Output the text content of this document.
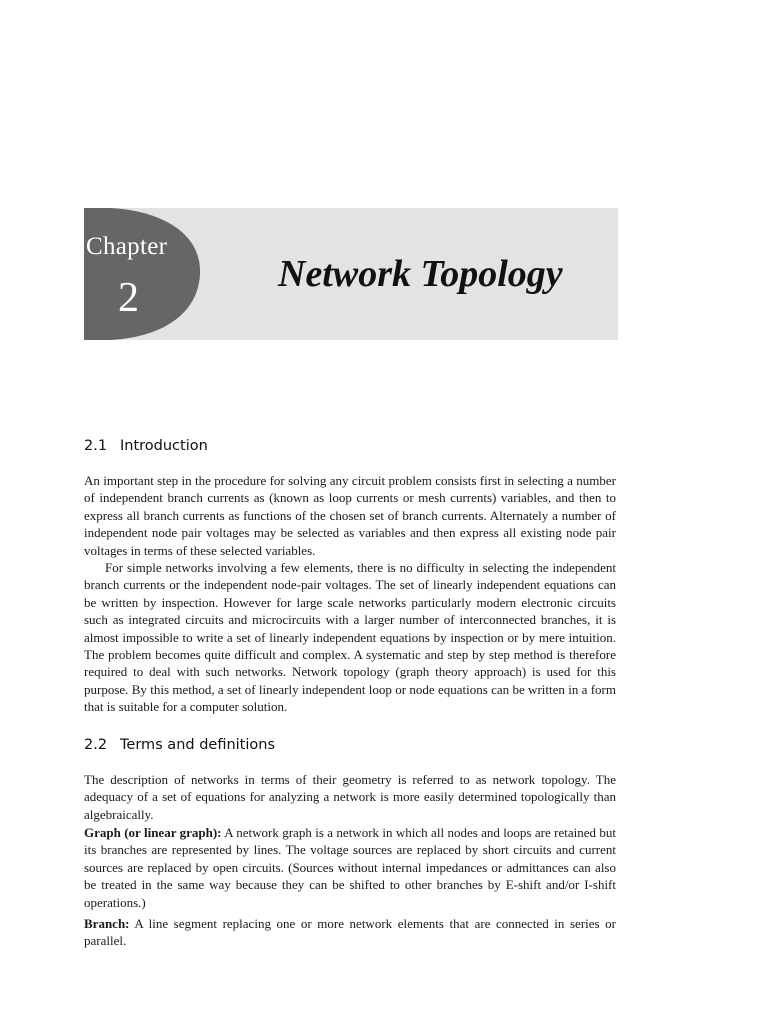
Chapter
2
Network Topology
2.1 Introduction

An important step in the procedure for solving any circuit problem consists first in selecting a number of independent branch currents as (known as loop currents or mesh currents) variables, and then to express all branch currents as functions of the chosen set of branch currents. Alternately a number of independent node pair voltages may be selected as variables and then express all existing node pair voltages in terms of these selected variables.

For simple networks involving a few elements, there is no difficulty in selecting the independent branch currents or the independent node-pair voltages. The set of linearly independent equations can be written by inspection. However for large scale networks particularly modern electronic circuits such as integrated circuits and microcircuits with a larger number of interconnected branches, it is almost impossible to write a set of linearly independent equations by inspection or by mere intuition. The problem becomes quite difficult and complex. A systematic and step by step method is therefore required to deal with such networks. Network topology (graph theory approach) is used for this purpose. By this method, a set of linearly independent loop or node equations can be written in a form that is suitable for a computer solution.

2.2 Terms and definitions

The description of networks in terms of their geometry is referred to as network topology. The adequacy of a set of equations for analyzing a network is more easily determined topologically than algebraically.

Graph (or linear graph): A network graph is a network in which all nodes and loops are retained but its branches are represented by lines. The voltage sources are replaced by short circuits and current sources are replaced by open circuits. (Sources without internal impedances or admittances can also be treated in the same way because they can be shifted to other branches by E-shift and/or I-shift operations.)

Branch: A line segment replacing one or more network elements that are connected in series or parallel.
